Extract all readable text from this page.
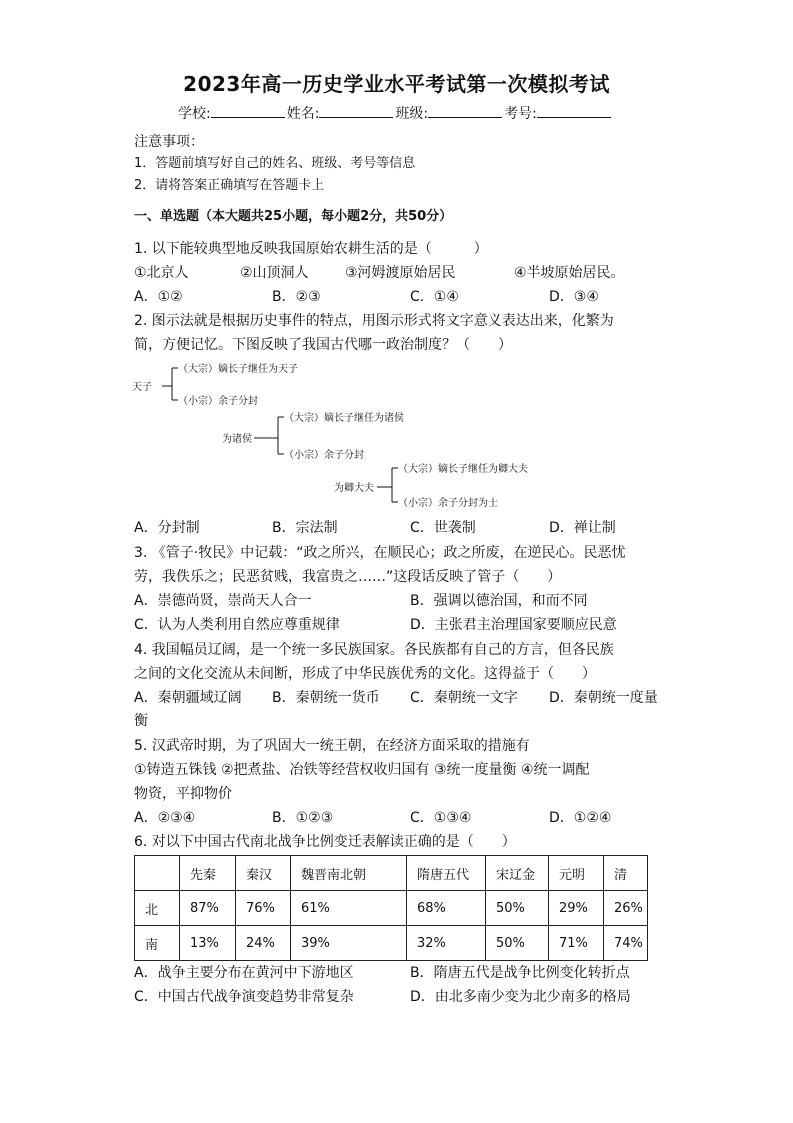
2023年高一历史学业水平考试第一次模拟考试
学校:	姓名:	班级:	考号:
注意事项：
1．答题前填写好自己的姓名、班级、考号等信息
2．请将答案正确填写在答题卡上
一、单选题（本大题共25小题，每小题2分，共50分）
1. 以下能较典型地反映我国原始农耕生活的是（　　　）
①北京人	②山顶洞人	③河姆渡原始居民	④半坡原始居民。
A．①②	B．②③	C．①④	D．③④
2. 图示法就是根据历史事件的特点，用图示形式将文字意义表达出来，化繁为
简，方便记忆。下图反映了我国古代哪一政治制度？（　　）
天子
（大宗）嫡长子继任为天子
（小宗）余子分封
为诸侯
（大宗）嫡长子继任为诸侯
（小宗）余子分封
为卿大夫
（大宗）嫡长子继任为卿大夫
（小宗）余子分封为士
A．分封制	B．宗法制	C．世袭制	D．禅让制
3. 《管子·牧民》中记载：“政之所兴，在顺民心；政之所废，在逆民心。民恶忧
劳，我佚乐之；民恶贫贱，我富贵之……”这段话反映了管子（　　）
A．崇德尚贤，崇尚天人合一	B．强调以德治国，和而不同
C．认为人类利用自然应尊重规律	D．主张君主治理国家要顺应民意
4. 我国幅员辽阔，是一个统一多民族国家。各民族都有自己的方言，但各民族
之间的文化交流从未间断，形成了中华民族优秀的文化。这得益于（　　）
A．秦朝疆域辽阔 B．秦朝统一货币 C．秦朝统一文字 D．秦朝统一度量
衡
5. 汉武帝时期，为了巩固大一统王朝，在经济方面采取的措施有
①铸造五铢钱 ②把煮盐、冶铁等经营权收归国有 ③统一度量衡 ④统一调配
物资，平抑物价
A．②③④	B．①②③	C．①③④	D．①②④
6. 对以下中国古代南北战争比例变迁表解读正确的是（　　）
	先秦	秦汉	魏晋南北朝	隋唐五代	宋辽金	元明	清
北	87%	76%	61%	68%	50%	29%	26%
南	13%	24%	39%	32%	50%	71%	74%
A．战争主要分布在黄河中下游地区	B．隋唐五代是战争比例变化转折点
C．中国古代战争演变趋势非常复杂	D．由北多南少变为北少南多的格局
